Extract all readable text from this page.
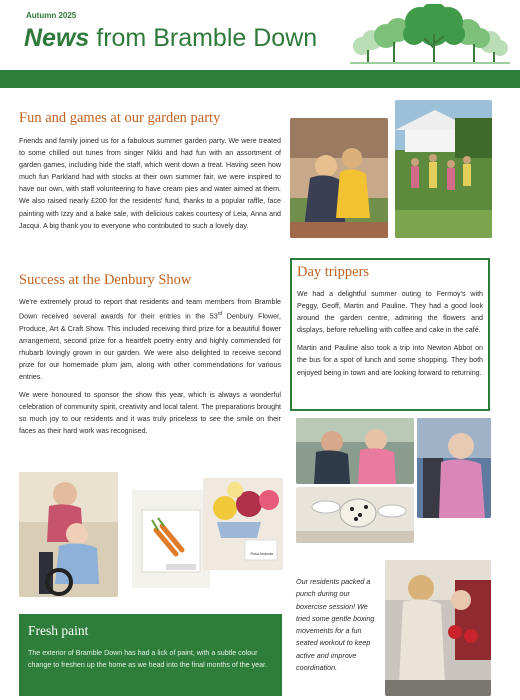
Autumn 2025
News from Bramble Down
Fun and games at our garden party

Friends and family joined us for a fabulous summer garden party. We were treated to some chilled out tunes from singer Nikki and had fun with an assortment of garden games, including hide the staff, which went down a treat. Having seen how much fun Parkland had with stocks at their own summer fair, we were inspired to have our own, with staff volunteering to have cream pies and water aimed at them. We also raised nearly £200 for the residents' fund, thanks to a popular raffle, face painting with Izzy and a bake sale, with delicious cakes courtesy of Leia, Anna and Jacqui. A big thank you to everyone who contributed to such a lovely day.

Success at the Denbury Show

We're extremely proud to report that residents and team members from Bramble Down received several awards for their entries in the 53rd Denbury Flower, Produce, Art & Craft Show. This included receiving third prize for a beautiful flower arrangement, second prize for a heartfelt poetry entry and highly commended for rhubarb lovingly grown in our garden. We were also delighted to receive second prize for our homemade plum jam, along with other commendations for various entries.

We were honoured to sponsor the show this year, which is always a wonderful celebration of community spirit, creativity and local talent. The preparations brought so much joy to our residents and it was truly priceless to see the smile on their faces as their hard work was recognised.

Rosa Ambrose
Day trippers

We had a delightful summer outing to Fermoy's with Peggy, Geoff, Martin and Pauline. They had a good look around the garden centre, admiring the flowers and displays, before refuelling with coffee and cake in the café.

Martin and Pauline also took a trip into Newton Abbot on the bus for a spot of lunch and some shopping. They both enjoyed being in town and are looking forward to returning.

Our residents packed a punch during our boxercise session! We tried some gentle boxing movements for a fun seated workout to keep active and improve coordination.
Fresh paint
The exterior of Bramble Down has had a lick of paint, with a subtle colour change to freshen up the home as we head into the final months of the year.
